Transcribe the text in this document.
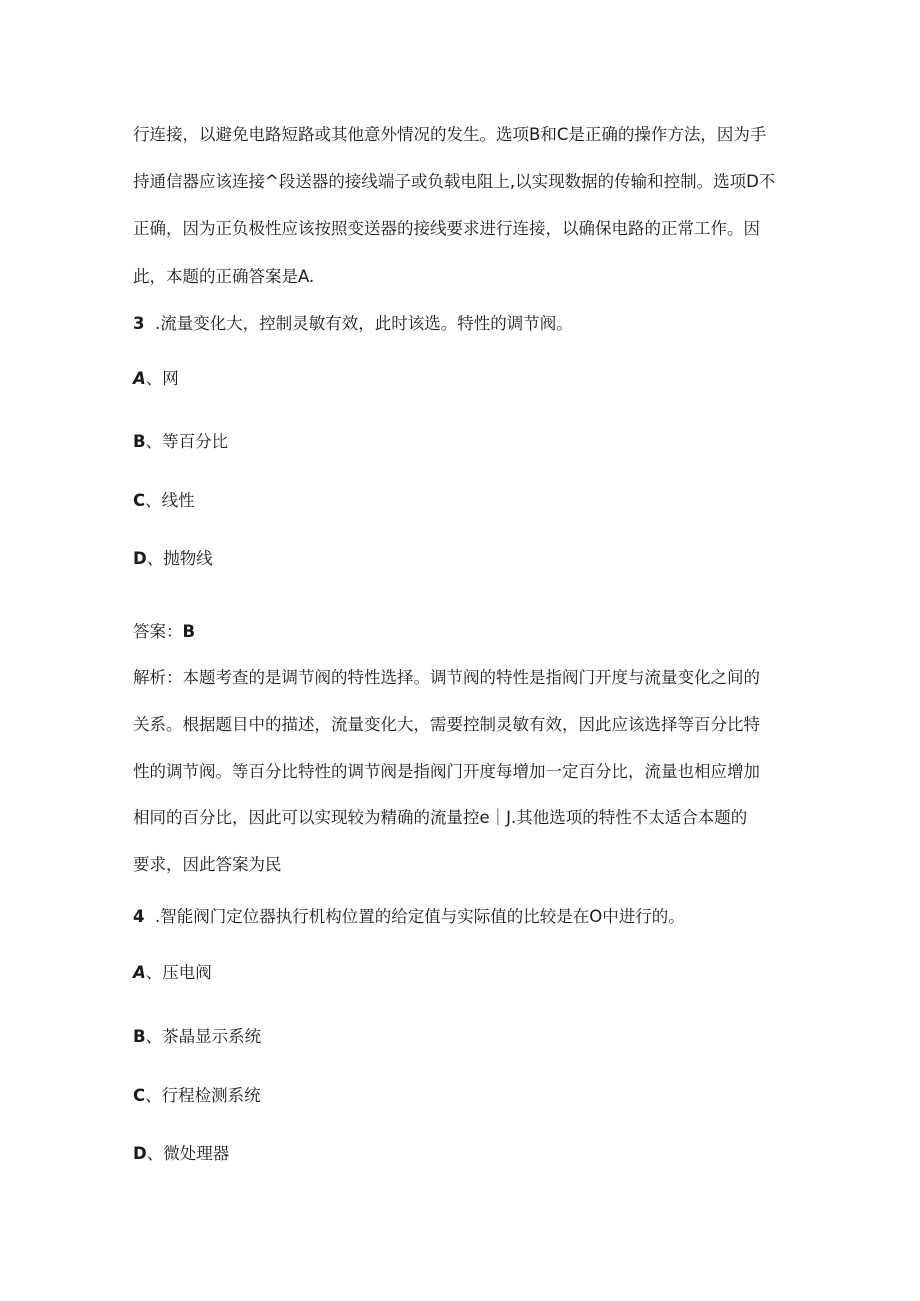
行连接，以避免电路短路或其他意外情况的发生。选项B和C是正确的操作方法，因为手
持通信器应该连接^段送器的接线端子或负载电阻上,以实现数据的传输和控制。选项D不
正确，因为正负极性应该按照变送器的接线要求进行连接，以确保电路的正常工作。因
此，本题的正确答案是A.
3 .流量变化大，控制灵敏有效，此时该选。特性的调节阀。
A、网
B、等百分比
C、线性
D、抛物线
答案：B
解析：本题考查的是调节阀的特性选择。调节阀的特性是指阀门开度与流量变化之间的
关系。根据题目中的描述，流量变化大，需要控制灵敏有效，因此应该选择等百分比特
性的调节阀。等百分比特性的调节阀是指阀门开度每增加一定百分比，流量也相应增加
相同的百分比，因此可以实现较为精确的流量控e｜J.其他选项的特性不太适合本题的
要求，因此答案为民
4 .智能阀门定位器执行机构位置的给定值与实际值的比较是在O中进行的。
A、压电阀
B、茶晶显示系统
C、行程检测系统
D、微处理器
